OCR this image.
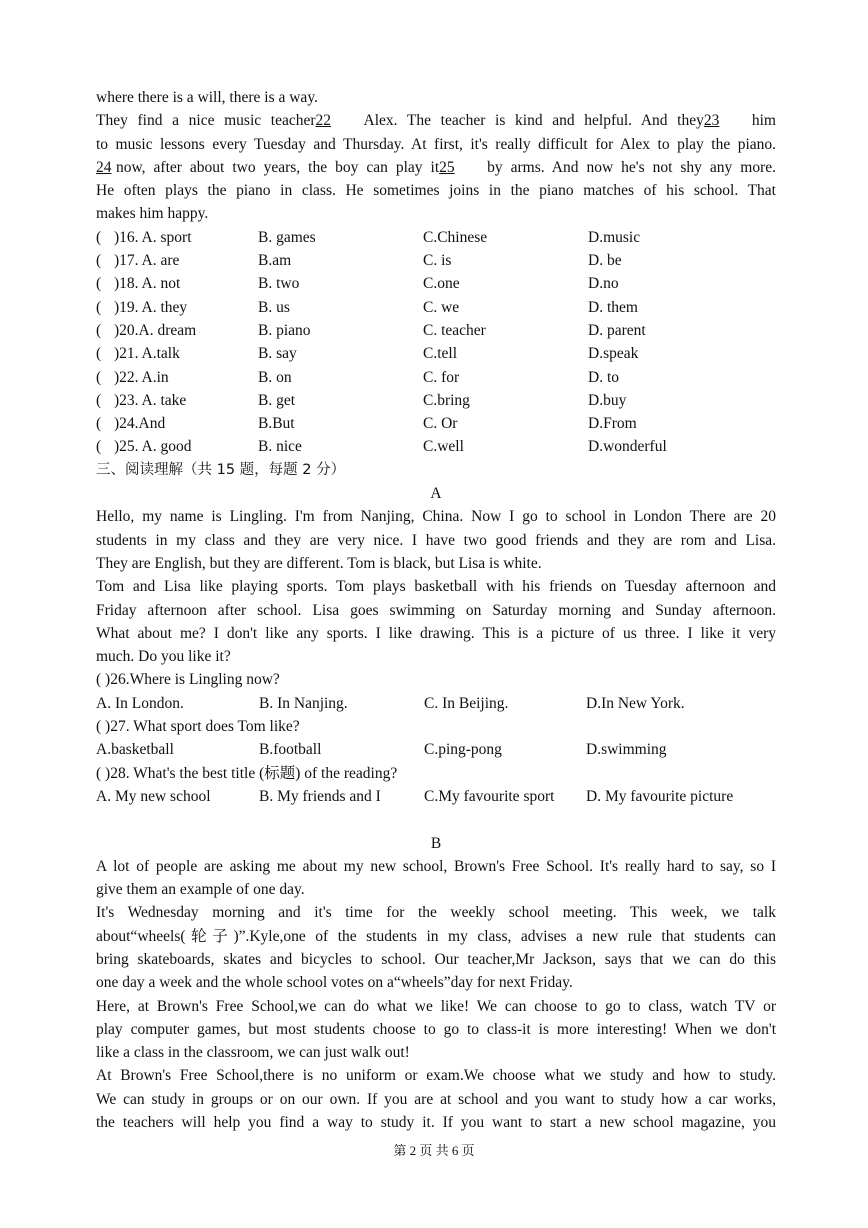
where there is a will, there is a way.

They find a nice music teacher22 Alex. The teacher is kind and helpful. And they23 him

to music lessons every Tuesday and Thursday. At first, it's really difficult for Alex to play the piano.

24 now, after about two years, the boy can play it25 by arms. And now he's not shy any more.

He often plays the piano in class. He sometimes joins in the piano matches of his school. That

makes him happy.

( )16. A. sport	B. games	C.Chinese	D.music
( )17. A. are	B.am	C. is	D. be
( )18. A. not	B. two	C.one	D.no
( )19. A. they	B. us	C. we	D. them
( )20.A. dream	B. piano	C. teacher	D. parent
( )21. A.talk	B. say	C.tell	D.speak
( )22. A.in	B. on	C. for	D. to
( )23. A. take	B. get	C.bring	D.buy
( )24.And	B.But	C. Or	D.From
( )25. A. good	B. nice	C.well	D.wonderful

三、阅读理解（共 15 题，每题 2 分）

A

Hello, my name is Lingling. I'm from Nanjing, China. Now I go to school in London There are 20

students in my class and they are very nice. I have two good friends and they are rom and Lisa.

They are English, but they are different. Tom is black, but Lisa is white.

Tom and Lisa like playing sports. Tom plays basketball with his friends on Tuesday afternoon and

Friday afternoon after school. Lisa goes swimming on Saturday morning and Sunday afternoon.

What about me? I don't like any sports. I like drawing. This is a picture of us three. I like it very

much. Do you like it?

( )26.Where is Lingling now?

A. In London.	B. In Nanjing.	C. In Beijing.	D.In New York.

( )27. What sport does Tom like?

A.basketball	B.football	C.ping-pong	D.swimming

( )28. What's the best title (标题) of the reading?

A. My new school	B. My friends and I	C.My favourite sport	D. My favourite picture

B

A lot of people are asking me about my new school, Brown's Free School. It's really hard to say, so I

give them an example of one day.

It's Wednesday morning and it's time for the weekly school meeting. This week, we talk

about“wheels(轮子)”.Kyle,one of the students in my class, advises a new rule that students can

bring skateboards, skates and bicycles to school. Our teacher,Mr Jackson, says that we can do this

one day a week and the whole school votes on a“wheels”day for next Friday.

Here, at Brown's Free School,we can do what we like! We can choose to go to class, watch TV or

play computer games, but most students choose to go to class-it is more interesting! When we don't

like a class in the classroom, we can just walk out!

At Brown's Free School,there is no uniform or exam.We choose what we study and how to study.

We can study in groups or on our own. If you are at school and you want to study how a car works,

the teachers will help you find a way to study it. If you want to start a new school magazine, you

第 2 页 共 6 页
